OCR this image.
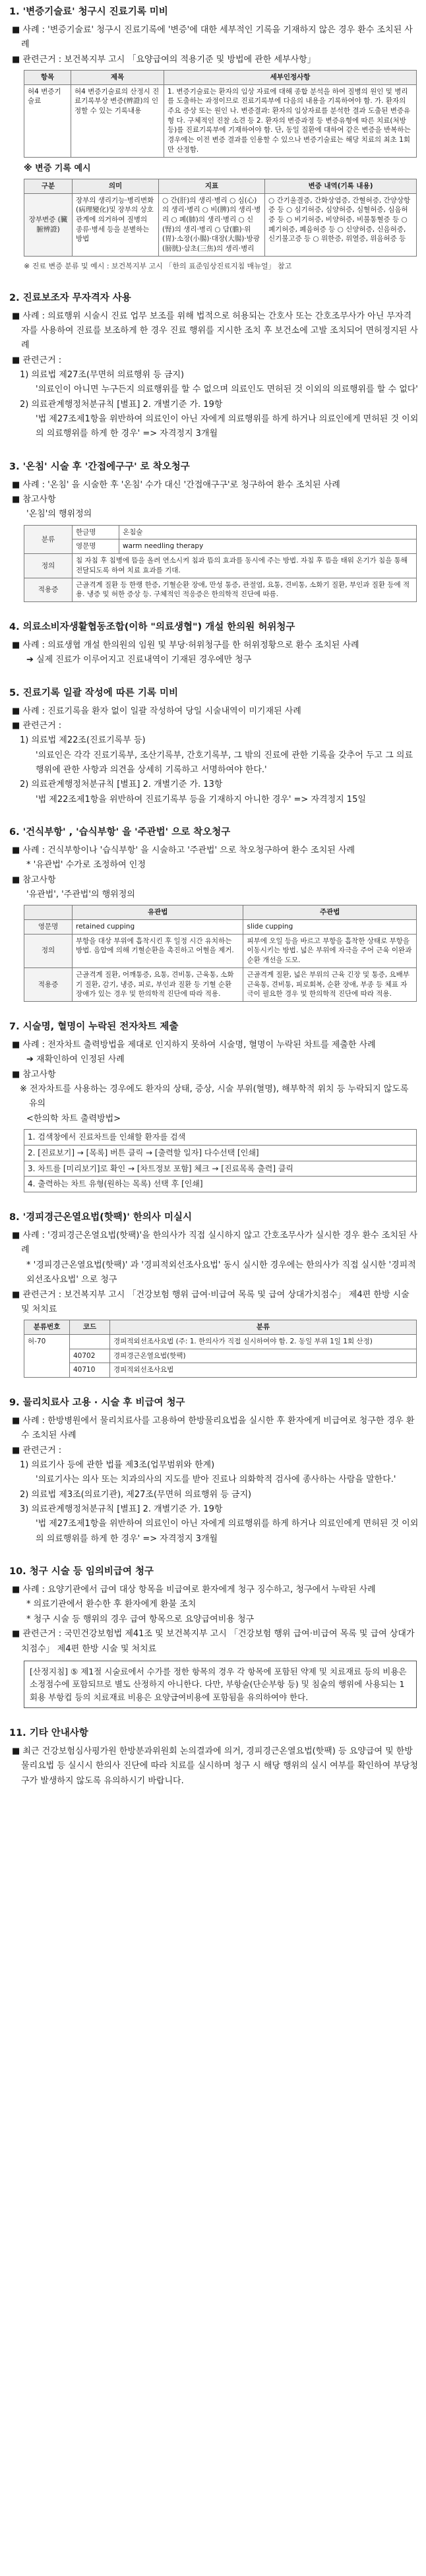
1. '변증기술료' 청구시 진료기록 미비

■ 사례 : '변증기술료' 청구시 진료기록에 '변증'에 대한 세부적인 기록을 기재하지 않은 경우 환수 조치된 사례

■ 관련근거 : 보건복지부 고시 「요양급여의 적용기준 및 방법에 관한 세부사항」

항목	제목	세부인정사항
허4 변증기술료	허4 변증기술료의 산정시 진료기록부상 변증(辨證)의 인정할 수 있는 기록내용	1. 변증기술료는 환자의 임상 자료에 대해 종합 분석을 하여 질병의 원인 및 병리를 도출하는 과정이므로 진료기록부에 다음의 내용을 기록하여야 함. 가. 환자의 주요 증상 또는 원인 나. 변증결과: 환자의 임상자료를 분석한 결과 도출된 변증유형 다. 구체적인 진찰 소견 등 2. 환자의 변증과정 등 변증유형에 따른 치료(처방 등)를 진료기록부에 기재하여야 함. 단, 동일 질환에 대하여 같은 변증을 반복하는 경우에는 이전 변증 결과를 인용할 수 있으나 변증기술료는 해당 치료의 최초 1회만 산정함.

※ 변증 기록 예시

구분	의미	지표	변증 내역(기록 내용)
장부변증 (臟腑辨證)	장부의 생리기능·병리변화 (病理變化)및 장부의 상호 관계에 의거하여 질병의 종류·병세 등을 분별하는 방법	○ 간(肝)의 생리·병리 ○ 심(心)의 생리·병리 ○ 비(脾)의 생리·병리 ○ 폐(肺)의 생리·병리 ○ 신(腎)의 생리·병리 ○ 담(膽)·위(胃)·소장(小腸)·대장(大腸)·방광(膀胱)·삼초(三焦)의 생리·병리	○ 간기울결증, 간화상염증, 간혈허증, 간양상항증 등 ○ 심기허증, 심양허증, 심혈허증, 심음허증 등 ○ 비기허증, 비양허증, 비불통혈증 등 ○ 폐기허증, 폐음허증 등 ○ 신양허증, 신음허증, 신기불고증 등 ○ 위한증, 위열증, 위음허증 등

※ 진료 변증 분류 및 예시 : 보건복지부 고시 「한의 표준임상진료지침 매뉴얼」 참고

2. 진료보조자 무자격자 사용

■ 사례 : 의료행위 시술시 진료 업무 보조를 위해 법적으로 허용되는 간호사 또는 간호조무사가 아닌 무자격자를 사용하여 진료를 보조하게 한 경우 진료 행위를 지시한 조치 후 보건소에 고발 조치되어 면허정지된 사례

■ 관련근거 :

1) 의료법 제27조(무면허 의료행위 등 금지)

'의료인이 아니면 누구든지 의료행위를 할 수 없으며 의료인도 면허된 것 이외의 의료행위를 할 수 없다'

2) 의료관계행정처분규칙 [별표] 2. 개별기준 가. 19항

'법 제27조제1항을 위반하여 의료인이 아닌 자에게 의료행위를 하게 하거나 의료인에게 면허된 것 이외의 의료행위를 하게 한 경우' => 자격정지 3개월

3. '온침' 시술 후 '간접에구구' 로 착오청구

■ 사례 : '온침' 을 시술한 후 '온침' 수가 대신 '간접애구구'로 청구하여 환수 조치된 사례

■ 참고사항

'온침'의 행위정의

분류	한글명	온침술
	영문명	warm needling therapy
정의	침 자침 후 침병에 뜸을 올려 연소시켜 침과 뜸의 효과를 동시에 주는 방법. 자침 후 뜸을 태워 온기가 침을 통해 전달되도록 하여 치료 효과를 기대.	
적용증	근골격계 질환 등 한랭 한증, 기혈순환 장애, 만성 통증, 관절염, 요통, 견비통, 소화기 질환, 부인과 질환 등에 적용. 냉증 및 허한 증상 등. 구체적인 적응증은 한의학적 진단에 따름.	

4. 의료소비자생활협동조합(이하 "의료생협") 개설 한의원 허위청구

■ 사례 : 의료생협 개설 한의원의 임원 및 부당·허위청구를 한 허위정황으로 환수 조치된 사례

➔ 실제 진료가 이루어지고 진료내역이 기재된 경우에만 청구

5. 진료기록 일괄 작성에 따른 기록 미비

■ 사례 : 진료기록을 환자 없이 일괄 작성하여 당일 시술내역이 미기재된 사례

■ 관련근거 :

1) 의료법 제22조(진료기록부 등)

'의료인은 각각 진료기록부, 조산기록부, 간호기록부, 그 밖의 진료에 관한 기록을 갖추어 두고 그 의료행위에 관한 사항과 의견을 상세히 기록하고 서명하여야 한다.'

2) 의료관계행정처분규칙 [별표] 2. 개별기준 가. 13항

'법 제22조제1항을 위반하여 진료기록부 등을 기재하지 아니한 경우' => 자격정지 15일

6. '건식부항' , '습식부항' 을 '주관법' 으로 착오청구

■ 사례 : 건식부항이나 '습식부항' 을 시술하고 '주관법' 으로 착오청구하여 환수 조치된 사례

* '유관법' 수가로 조정하여 인정

■ 참고사항

'유관법', '주관법'의 행위정의

	유관법	주관법
영문명	retained cupping	slide cupping
정의	부항을 대상 부위에 흡착시킨 후 일정 시간 유치하는 방법. 음압에 의해 기혈순환을 촉진하고 어혈을 제거.	피부에 오일 등을 바르고 부항을 흡착한 상태로 부항을 이동시키는 방법. 넓은 부위에 자극을 주어 근육 이완과 순환 개선을 도모.
적용증	근골격계 질환, 어깨통증, 요통, 견비통, 근육통, 소화기 질환, 감기, 냉증, 피로, 부인과 질환 등 기혈 순환 장애가 있는 경우 및 한의학적 진단에 따라 적용.	근골격계 질환, 넓은 부위의 근육 긴장 및 통증, 요배부 근육통, 견비통, 피로회복, 순환 장애, 부종 등 체표 자극이 필요한 경우 및 한의학적 진단에 따라 적용.

7. 시술명, 혈명이 누락된 전자차트 제출

■ 사례 : 전자차트 출력방법을 제대로 인지하지 못하여 시술명, 혈명이 누락된 차트를 제출한 사례

➔ 재확인하여 인정된 사례

■ 참고사항

※ 전자차트를 사용하는 경우에도 환자의 상태, 증상, 시술 부위(혈명), 해부학적 위치 등 누락되지 않도록 유의

<한의학 차트 출력방법>

1. 검색창에서 진료차트를 인쇄할 환자를 검색
2. [진료보기] → [목록] 버튼 클릭 → [출력할 일자] 다수선택 [인쇄]
3. 차트를 [미리보기]로 확인 → [차트정보 포함] 체크 → [진료목록 출력] 클릭
4. 출력하는 차트 유형(원하는 목록) 선택 후 [인쇄]

8. '경피경근온열요법(핫팩)' 한의사 미실시

■ 사례 : '경피경근온열요법(핫팩)'을 한의사가 직접 실시하지 않고 간호조무사가 실시한 경우 환수 조치된 사례

* '경피경근온열요법(핫팩)' 과 '경피적외선조사요법' 동시 실시한 경우에는 한의사가 직접 실시한 '경피적외선조사요법' 으로 청구

■ 관련근거 : 보건복지부 고시 「건강보험 행위 급여·비급여 목록 및 급여 상대가치점수」 제4편 한방 시술 및 처치료

분류번호	코드	분류
허-70		경피적외선조사요법 (주: 1. 한의사가 직접 실시하여야 함. 2. 동일 부위 1일 1회 산정)
	40702	경피경근온열요법(핫팩)
	40710	경피적외선조사요법

9. 물리치료사 고용 · 시술 후 비급여 청구

■ 사례 : 한방병원에서 물리치료사를 고용하여 한방물리요법을 실시한 후 환자에게 비급여로 청구한 경우 환수 조치된 사례

■ 관련근거 :

1) 의료기사 등에 관한 법률 제3조(업무범위와 한계)

'의료기사는 의사 또는 치과의사의 지도를 받아 진료나 의화학적 검사에 종사하는 사람을 말한다.'

2) 의료법 제3조(의료기관), 제27조(무면허 의료행위 등 금지)

3) 의료관계행정처분규칙 [별표] 2. 개별기준 가. 19항

'법 제27조제1항을 위반하여 의료인이 아닌 자에게 의료행위를 하게 하거나 의료인에게 면허된 것 이외의 의료행위를 하게 한 경우' => 자격정지 3개월

10. 청구 시술 등 임의비급여 청구

■ 사례 : 요양기관에서 급여 대상 항목을 비급여로 환자에게 청구 징수하고, 청구에서 누락된 사례

* 의료기관에서 환수한 후 환자에게 환불 조치

* 청구 시술 등 행위의 경우 급여 항목으로 요양급여비용 청구

■ 관련근거 : 국민건강보험법 제41조 및 보건복지부 고시 「건강보험 행위 급여·비급여 목록 및 급여 상대가치점수」 제4편 한방 시술 및 처치료

[산정지침] ⑤ 제1절 시술료에서 수가를 정한 항목의 경우 각 항목에 포함된 약제 및 치료재료 등의 비용은 소정점수에 포함되므로 별도 산정하지 아니한다. 다만, 부항술(단순부항 등) 및 침술의 행위에 사용되는 1회용 부항컵 등의 치료재료 비용은 요양급여비용에 포함됨을 유의하여야 한다.

11. 기타 안내사항

■ 최근 건강보험심사평가원 한방분과위원회 논의결과에 의거, 경피경근온열요법(핫팩) 등 요양급여 및 한방 물리요법 등 실시시 한의사 진단에 따라 치료를 실시하며 청구 시 해당 행위의 실시 여부를 확인하여 부당청구가 발생하지 않도록 유의하시기 바랍니다.
